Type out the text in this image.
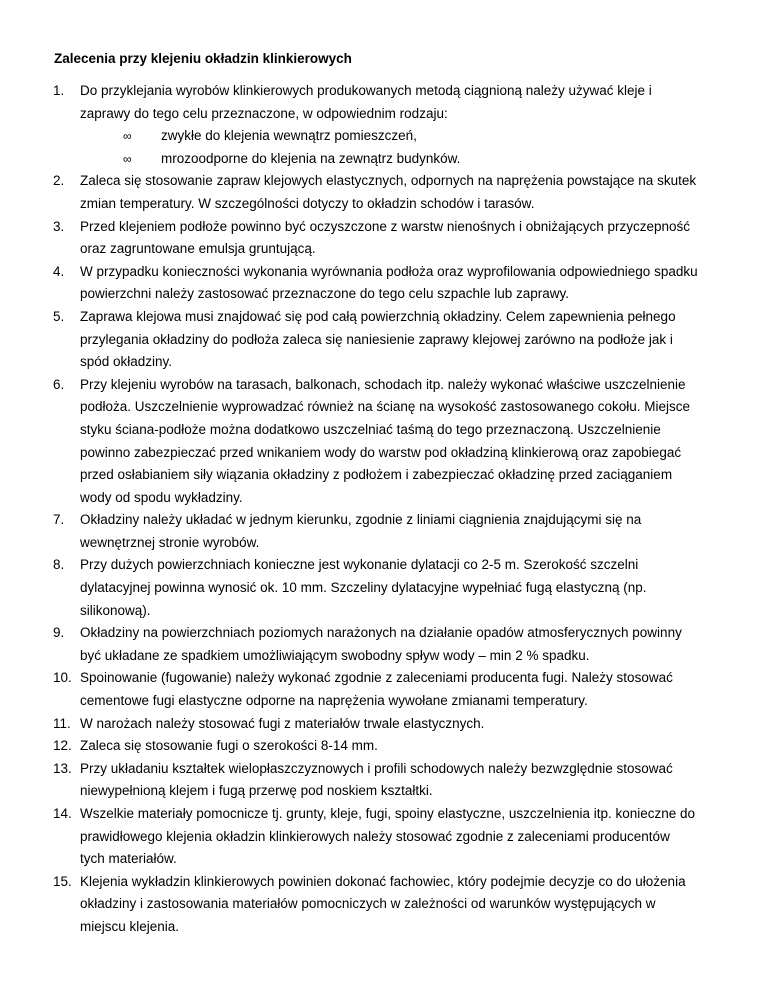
Zalecenia przy klejeniu okładzin klinkierowych
1. Do przyklejania wyrobów klinkierowych produkowanych metodą ciągnioną należy używać kleje i zaprawy do tego celu przeznaczone, w odpowiednim rodzaju:
∞ zwykłe do klejenia wewnątrz pomieszczeń,
∞ mrozoodporne do klejenia na zewnątrz budynków.
2. Zaleca się stosowanie zapraw klejowych elastycznych, odpornych na naprężenia powstające na skutek zmian temperatury. W szczególności dotyczy to okładzin schodów i tarasów.
3. Przed klejeniem podłoże powinno być oczyszczone z warstw nienośnych i obniżających przyczepność oraz zagruntowane emulsja gruntującą.
4. W przypadku konieczności wykonania wyrównania podłoża oraz wyprofilowania odpowiedniego spadku powierzchni należy zastosować przeznaczone do tego celu szpachle lub zaprawy.
5. Zaprawa klejowa musi znajdować się pod całą powierzchnią okładziny. Celem zapewnienia pełnego przylegania okładziny do podłoża zaleca się naniesienie zaprawy klejowej zarówno na podłoże jak i spód okładziny.
6. Przy klejeniu wyrobów na tarasach, balkonach, schodach itp. należy wykonać właściwe uszczelnienie podłoża. Uszczelnienie wyprowadzać również na ścianę na wysokość zastosowanego cokołu. Miejsce styku ściana-podłoże można dodatkowo uszczelniać taśmą do tego przeznaczoną. Uszczelnienie powinno zabezpieczać przed wnikaniem wody do warstw pod okładziną klinkierową oraz zapobiegać przed osłabianiem siły wiązania okładziny z podłożem i zabezpieczać okładzinę przed zaciąganiem wody od spodu wykładziny.
7. Okładziny należy układać w jednym kierunku, zgodnie z liniami ciągnienia znajdującymi się na wewnętrznej stronie wyrobów.
8. Przy dużych powierzchniach konieczne jest wykonanie dylatacji co 2-5 m. Szerokość szczelni dylatacyjnej powinna wynosić ok. 10 mm. Szczeliny dylatacyjne wypełniać fugą elastyczną (np. silikonową).
9. Okładziny na powierzchniach poziomych narażonych na działanie opadów atmosferycznych powinny być układane ze spadkiem umożliwiającym swobodny spływ wody – min 2 % spadku.
10. Spoinowanie (fugowanie) należy wykonać zgodnie z zaleceniami producenta fugi. Należy stosować cementowe fugi elastyczne odporne na naprężenia wywołane zmianami temperatury.
11. W narożach należy stosować fugi z materiałów trwale elastycznych.
12. Zaleca się stosowanie fugi o szerokości 8-14 mm.
13. Przy układaniu kształtek wielopłaszczyznowych i profili schodowych należy bezwzględnie stosować niewypełnioną klejem i fugą przerwę pod noskiem kształtki.
14. Wszelkie materiały pomocnicze tj. grunty, kleje, fugi, spoiny elastyczne, uszczelnienia itp. konieczne do prawidłowego klejenia okładzin klinkierowych należy stosować zgodnie z zaleceniami producentów tych materiałów.
15. Klejenia wykładzin klinkierowych powinien dokonać fachowiec, który podejmie decyzje co do ułożenia okładziny i zastosowania materiałów pomocniczych w zależności od warunków występujących w miejscu klejenia.
